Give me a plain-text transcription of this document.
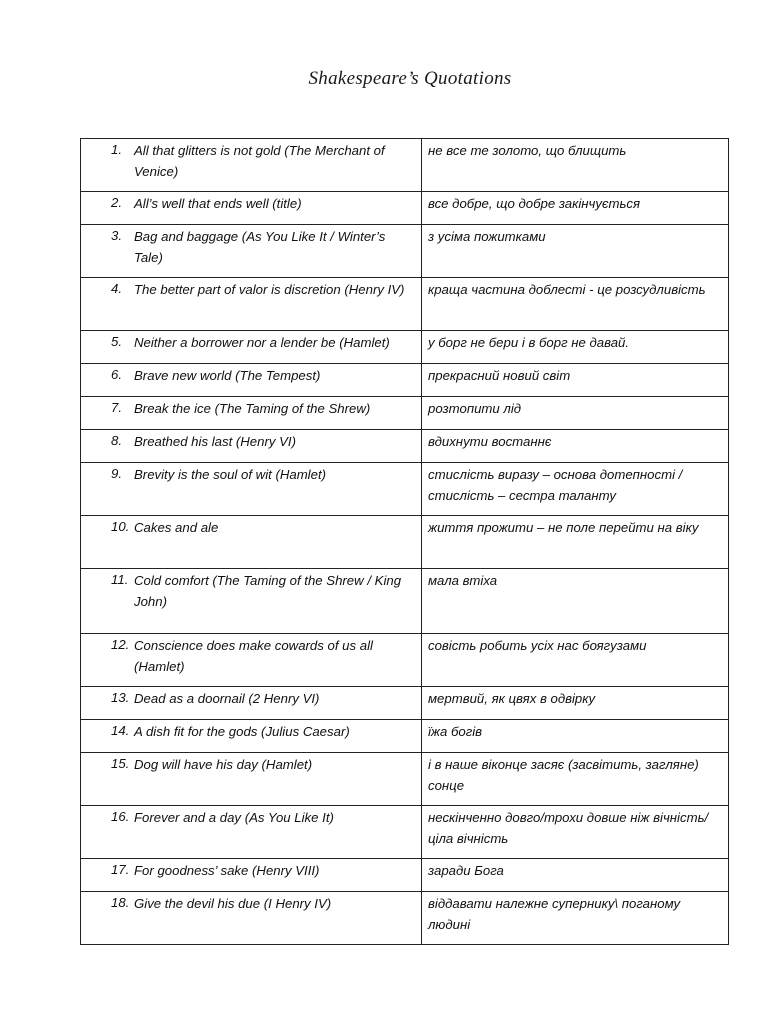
Shakespeare’s Quotations
1. All that glitters is not gold (The Merchant of Venice)	не все те золото, що блищить

2. All’s well that ends well (title)	все добре, що добре закінчується

3. Bag and baggage (As You Like It / Winter’s Tale)	з усіма пожитками

4. The better part of valor is discretion (Henry IV)	краща частина доблесті - це розсудливість

5. Neither a borrower nor a lender be (Hamlet)	у борг не бери і в борг не давай.

6. Brave new world (The Tempest)	прекрасний новий світ

7. Break the ice (The Taming of the Shrew)	розтопити лід

8. Breathed his last (Henry VI)	вдихнути востаннє

9. Brevity is the soul of wit (Hamlet)	стислість виразу – основа дотепності / стислість – сестра таланту

10. Cakes and ale	життя прожити – не поле перейти на віку

11. Cold comfort (The Taming of the Shrew / King John)	мала втіха

12. Conscience does make cowards of us all (Hamlet)	совість робить усіх нас боягузами

13. Dead as a doornail (2 Henry VI)	мертвий, як цвях в одвірку

14. A dish fit for the gods (Julius Caesar)	їжа богів

15. Dog will have his day (Hamlet)	і в наше віконце засяє (засвітить, загляне) сонце

16. Forever and a day (As You Like It)	нескінченно довго/трохи довше ніж вічність/ціла вічність

17. For goodness’ sake (Henry VIII)	заради Бога

18. Give the devil his due (I Henry IV)	віддавати належне супернику\ поганому людині
